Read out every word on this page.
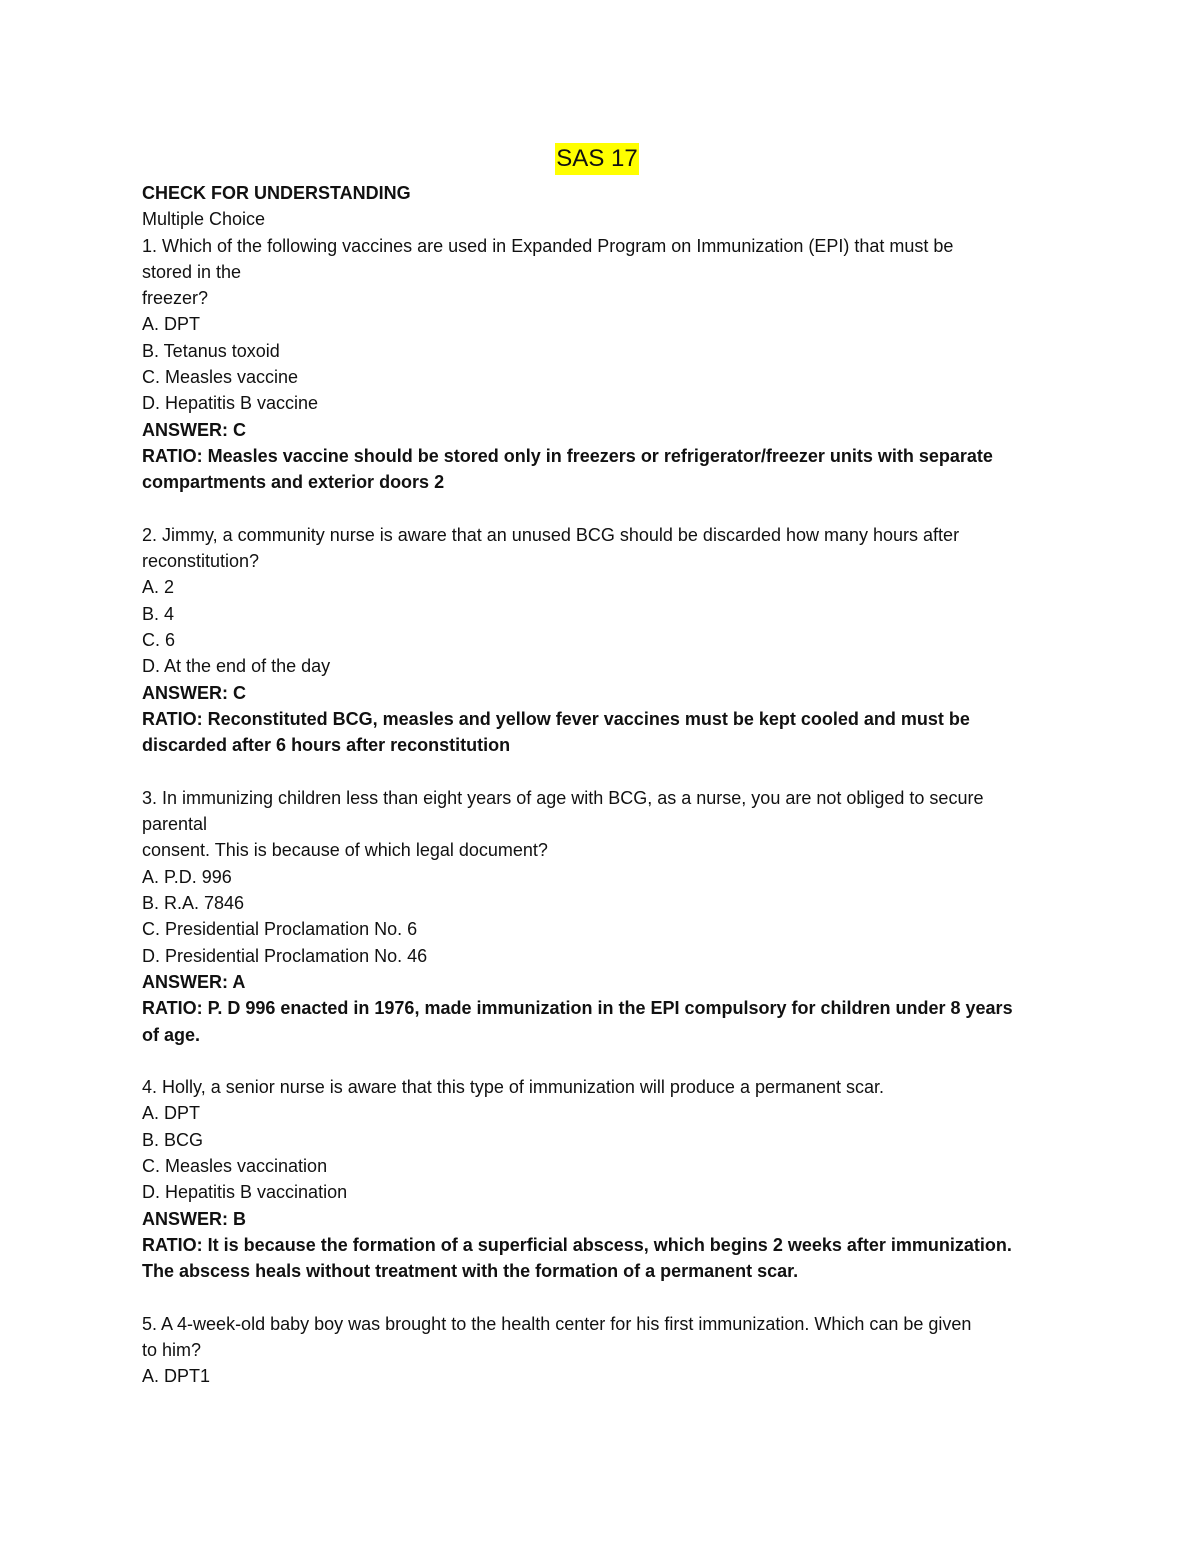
SAS 17
CHECK FOR UNDERSTANDING
Multiple Choice
1. Which of the following vaccines are used in Expanded Program on Immunization (EPI) that must be
stored in the
freezer?
A. DPT
B. Tetanus toxoid
C. Measles vaccine
D. Hepatitis B vaccine
ANSWER: C
RATIO: Measles vaccine should be stored only in freezers or refrigerator/freezer units with separate
compartments and exterior doors 2
2. Jimmy, a community nurse is aware that an unused BCG should be discarded how many hours after
reconstitution?
A. 2
B. 4
C. 6
D. At the end of the day
ANSWER: C
RATIO: Reconstituted BCG, measles and yellow fever vaccines must be kept cooled and must be
discarded after 6 hours after reconstitution
3. In immunizing children less than eight years of age with BCG, as a nurse, you are not obliged to secure
parental
consent. This is because of which legal document?
A. P.D. 996
B. R.A. 7846
C. Presidential Proclamation No. 6
D. Presidential Proclamation No. 46
ANSWER: A
RATIO: P. D 996 enacted in 1976, made immunization in the EPI compulsory for children under 8 years
of age.
4. Holly, a senior nurse is aware that this type of immunization will produce a permanent scar.
A. DPT
B. BCG
C. Measles vaccination
D. Hepatitis B vaccination
ANSWER: B
RATIO: It is because the formation of a superficial abscess, which begins 2 weeks after immunization.
The abscess heals without treatment with the formation of a permanent scar.
5. A 4-week-old baby boy was brought to the health center for his first immunization. Which can be given
to him?
A. DPT1
